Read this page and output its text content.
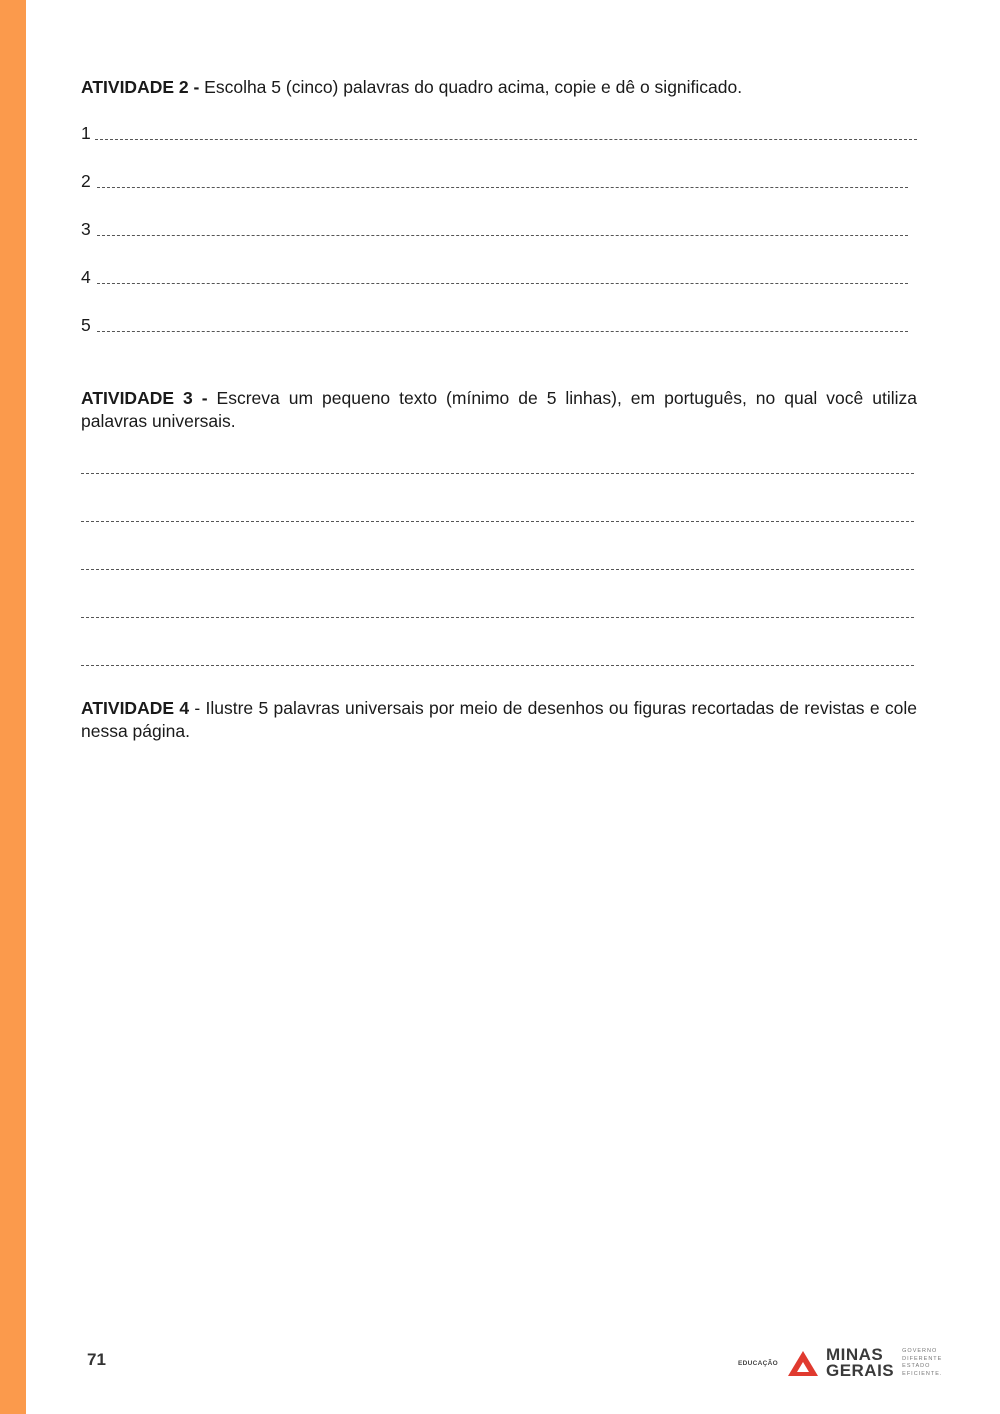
ATIVIDADE 2 - Escolha 5 (cinco) palavras do quadro acima, copie e dê o significado.
1
2
3
4
5
ATIVIDADE 3 - Escreva um pequeno texto (mínimo de 5 linhas), em português, no qual você utiliza palavras universais.
ATIVIDADE 4 - Ilustre 5 palavras universais por meio de desenhos ou figuras recortadas de revistas e cole nessa página.
71	EDUCAÇÃO	MINAS
GERAIS
GOVERNO
DIFERENTE
ESTADO
EFICIENTE.
